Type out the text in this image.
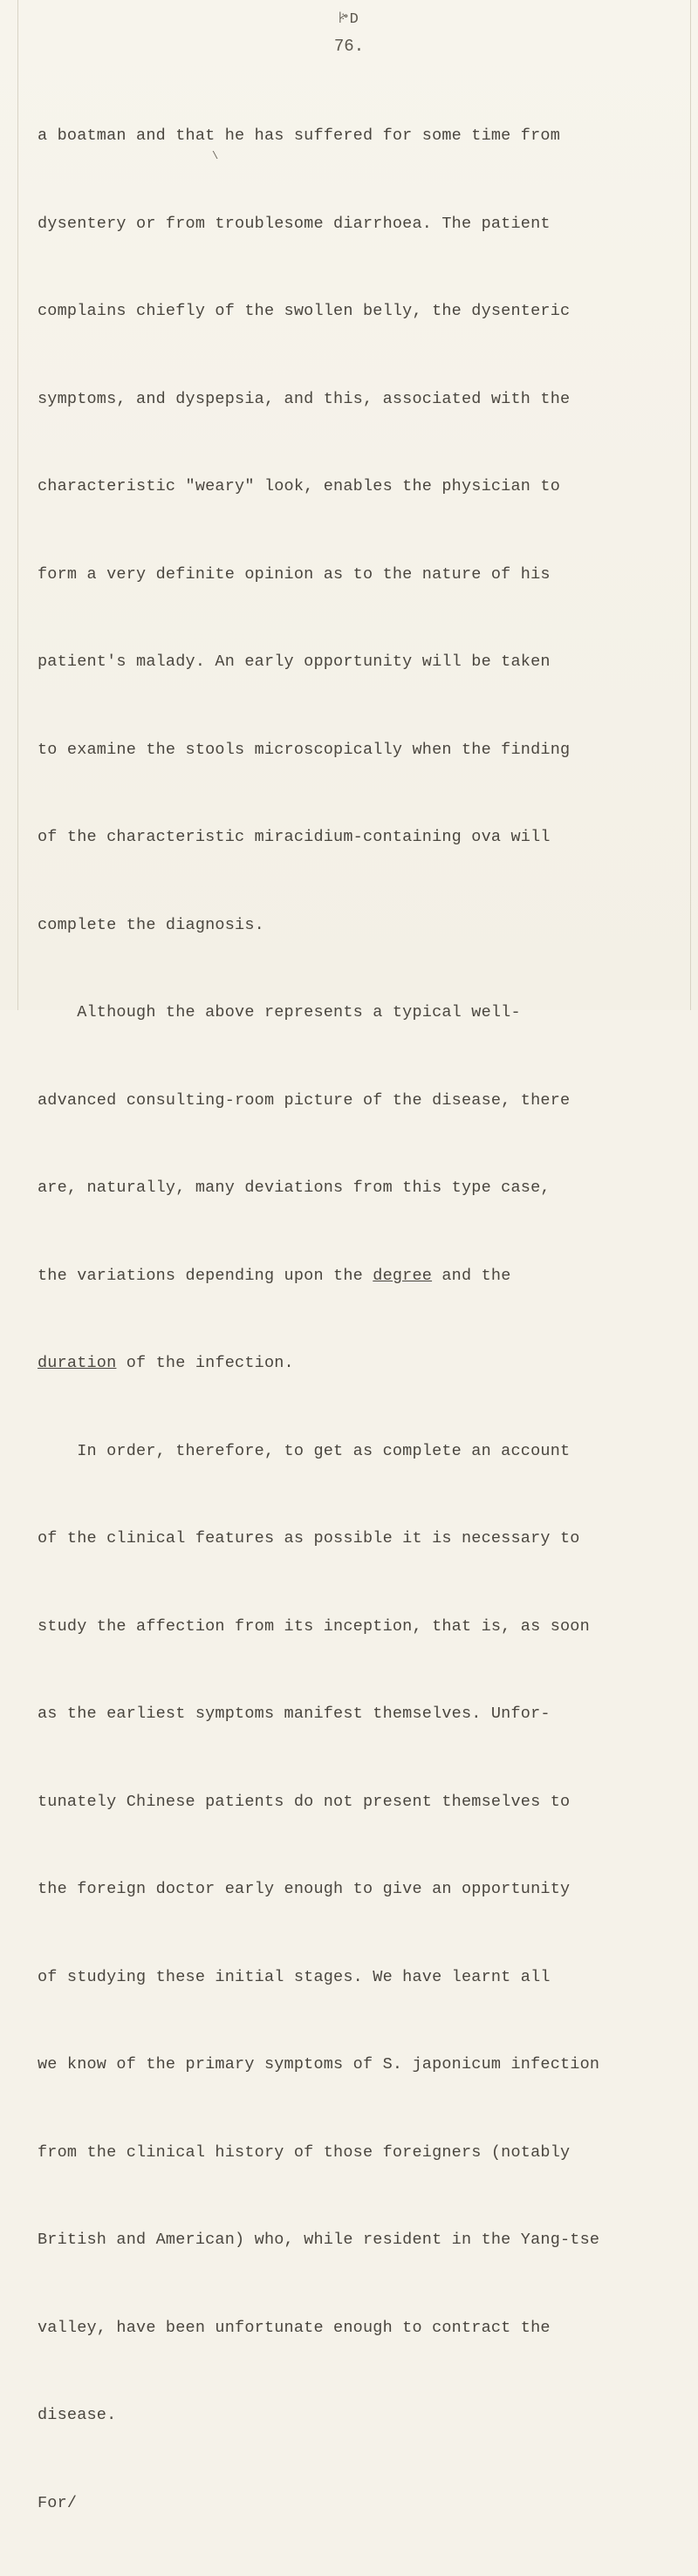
ꔶD
76.
\

a boatman and that he has suffered for some time from

dysentery or from troublesome diarrhoea. The patient

complains chiefly of the swollen belly, the dysenteric

symptoms, and dyspepsia, and this, associated with the

characteristic "weary" look, enables the physician to

form a very definite opinion as to the nature of his

patient's malady. An early opportunity will be taken

to examine the stools microscopically when the finding

of the characteristic miracidium-containing ova will

complete the diagnosis.

Although the above represents a typical well-

advanced consulting-room picture of the disease, there

are, naturally, many deviations from this type case,

the variations depending upon the degree and the

duration of the infection.

In order, therefore, to get as complete an account

of the clinical features as possible it is necessary to

study the affection from its inception, that is, as soon

as the earliest symptoms manifest themselves. Unfor-

tunately Chinese patients do not present themselves to

the foreign doctor early enough to give an opportunity

of studying these initial stages. We have learnt all

we know of the primary symptoms of S. japonicum infection

from the clinical history of those foreigners (notably

British and American) who, while resident in the Yang-tse

valley, have been unfortunate enough to contract the

disease.

For/
